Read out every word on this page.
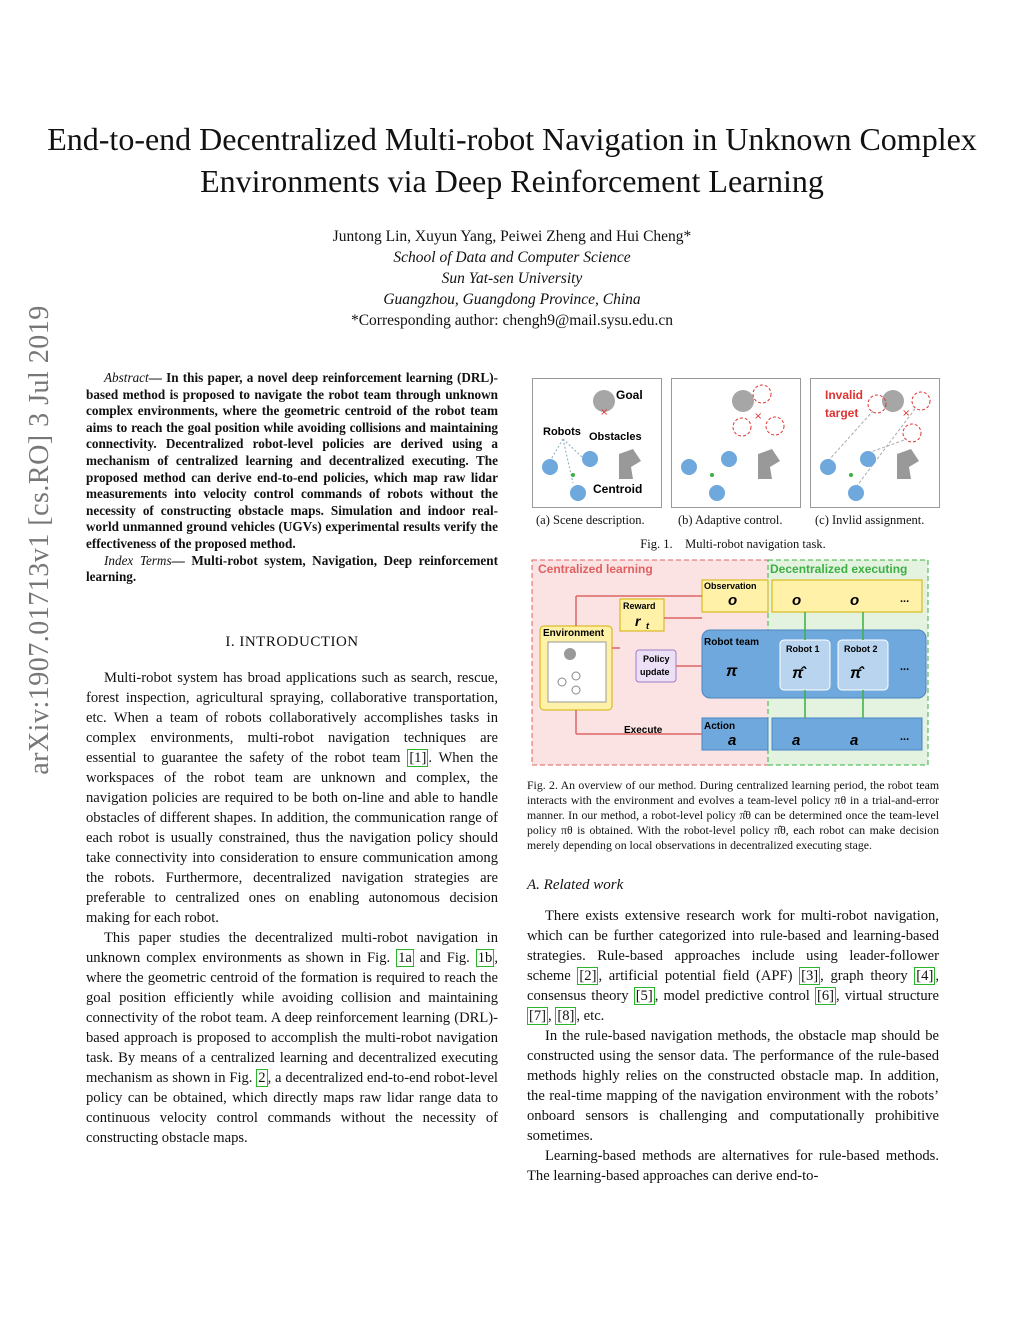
End-to-end Decentralized Multi-robot Navigation in Unknown Complex Environments via Deep Reinforcement Learning
Juntong Lin, Xuyun Yang, Peiwei Zheng and Hui Cheng*
School of Data and Computer Science
Sun Yat-sen University
Guangzhou, Guangdong Province, China
*Corresponding author: chengh9@mail.sysu.edu.cn
arXiv:1907.01713v1 [cs.RO] 3 Jul 2019	Abstract— In this paper, a novel deep reinforcement learning (DRL)-based method is proposed to navigate the robot team through unknown complex environments, where the geometric centroid of the robot team aims to reach the goal position while avoiding collisions and maintaining connectivity. Decentralized robot-level policies are derived using a mechanism of centralized learning and decentralized executing. The proposed method can derive end-to-end policies, which map raw lidar measurements into velocity control commands of robots without the necessity of constructing obstacle maps. Simulation and indoor real-world unmanned ground vehicles (UGVs) experimental results verify the effectiveness of the proposed method.
Index Terms— Multi-robot system, Navigation, Deep reinforcement learning.
I. INTRODUCTION

Multi-robot system has broad applications such as search, rescue, forest inspection, agricultural spraying, collaborative transportation, etc. When a team of robots collaboratively accomplishes tasks in complex environments, multi-robot navigation techniques are essential to guarantee the safety of the robot team [1] . When the workspaces of the robot team are unknown and complex, the navigation policies are required to be both on-line and able to handle obstacles of different shapes. In addition, the communication range of each robot is usually constrained, thus the navigation policy should take connectivity into consideration to ensure communication among the robots. Furthermore, decentralized navigation strategies are preferable to centralized ones on enabling autonomous decision making for each robot.

This paper studies the decentralized multi-robot navigation in unknown complex environments as shown in Fig. 1a and Fig. 1b , where the geometric centroid of the formation is required to reach the goal position efficiently while avoiding collision and maintaining connectivity of the robot team. A deep reinforcement learning (DRL)-based approach is proposed to accomplish the multi-robot navigation task. By means of a centralized learning and decentralized executing mechanism as shown in Fig. 2 , a decentralized end-to-end robot-level policy can be obtained, which directly maps raw lidar range data to continuous velocity control commands without the necessity of constructing obstacle maps.

×
Goal
Robots Obstacles
Centroid
×
Invalid
target	×
(a) Scene description.	(b) Adaptive control.	(c) Invlid assignment.
Fig. 1.    Multi-robot navigation task.
Centralized learning	Decentralized executing
Environment
Reward
r t
Policy
update
Observation
o	o	o	...
Robot team
π
Robot 1
π̂
Robot 2
π̂	...
Action
a	a	a	...
Execute
Fig. 2. An overview of our method. During centralized learning period, the robot team interacts with the environment and evolves a team-level policy πθ in a trial-and-error manner. In our method, a robot-level policy π̂θ can be determined once the team-level policy πθ is obtained. With the robot-level policy π̂θ, each robot can make decision merely depending on local observations in decentralized executing stage.
A. Related work

There exists extensive research work for multi-robot navigation, which can be further categorized into rule-based and learning-based strategies. Rule-based approaches include using leader-follower scheme [2] , artificial potential field (APF) [3] , graph theory [4] , consensus theory [5] , model predictive control [6] , virtual structure [7] , [8] , etc.

In the rule-based navigation methods, the obstacle map should be constructed using the sensor data. The performance of the rule-based methods highly relies on the constructed obstacle map. In addition, the real-time mapping of the navigation environment with the robots’ onboard sensors is challenging and computationally prohibitive sometimes.

Learning-based methods are alternatives for rule-based methods. The learning-based approaches can derive end-to-
